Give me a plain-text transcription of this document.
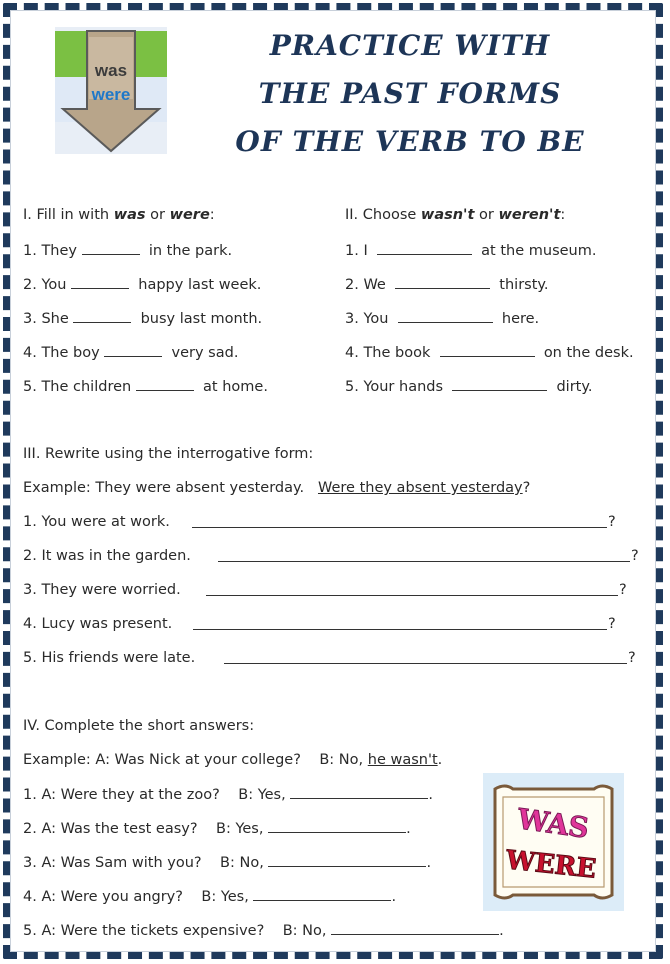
was
were
PRACTICE WITH
THE PAST FORMS
OF THE VERB TO BE
I. Fill in with was or were:
1. They	in the park.
2. You	happy last week.
3. She	busy last month.
4. The boy	very sad.
5. The children	at home.
II. Choose wasn't or weren't:
1. I	at the museum.
2. We	thirsty.
3. You	here.
4. The book	on the desk.
5. Your hands	dirty.
III. Rewrite using the interrogative form:
Example: They were absent yesterday. Were they absent yesterday?
1. You were at work.	?
2. It was in the garden.	?
3. They were worried.	?
4. Lucy was present.	?
5. His friends were late.	?
IV. Complete the short answers:
Example: A: Was Nick at your college? B: No, he wasn't.
1. A: Were they at the zoo? B: Yes,	.
2. A: Was the test easy? B: Yes,	.
3. A: Was Sam with you? B: No,	.
4. A: Were you angry? B: Yes,	.
5. A: Were the tickets expensive? B: No,	.
WAS
WERE
